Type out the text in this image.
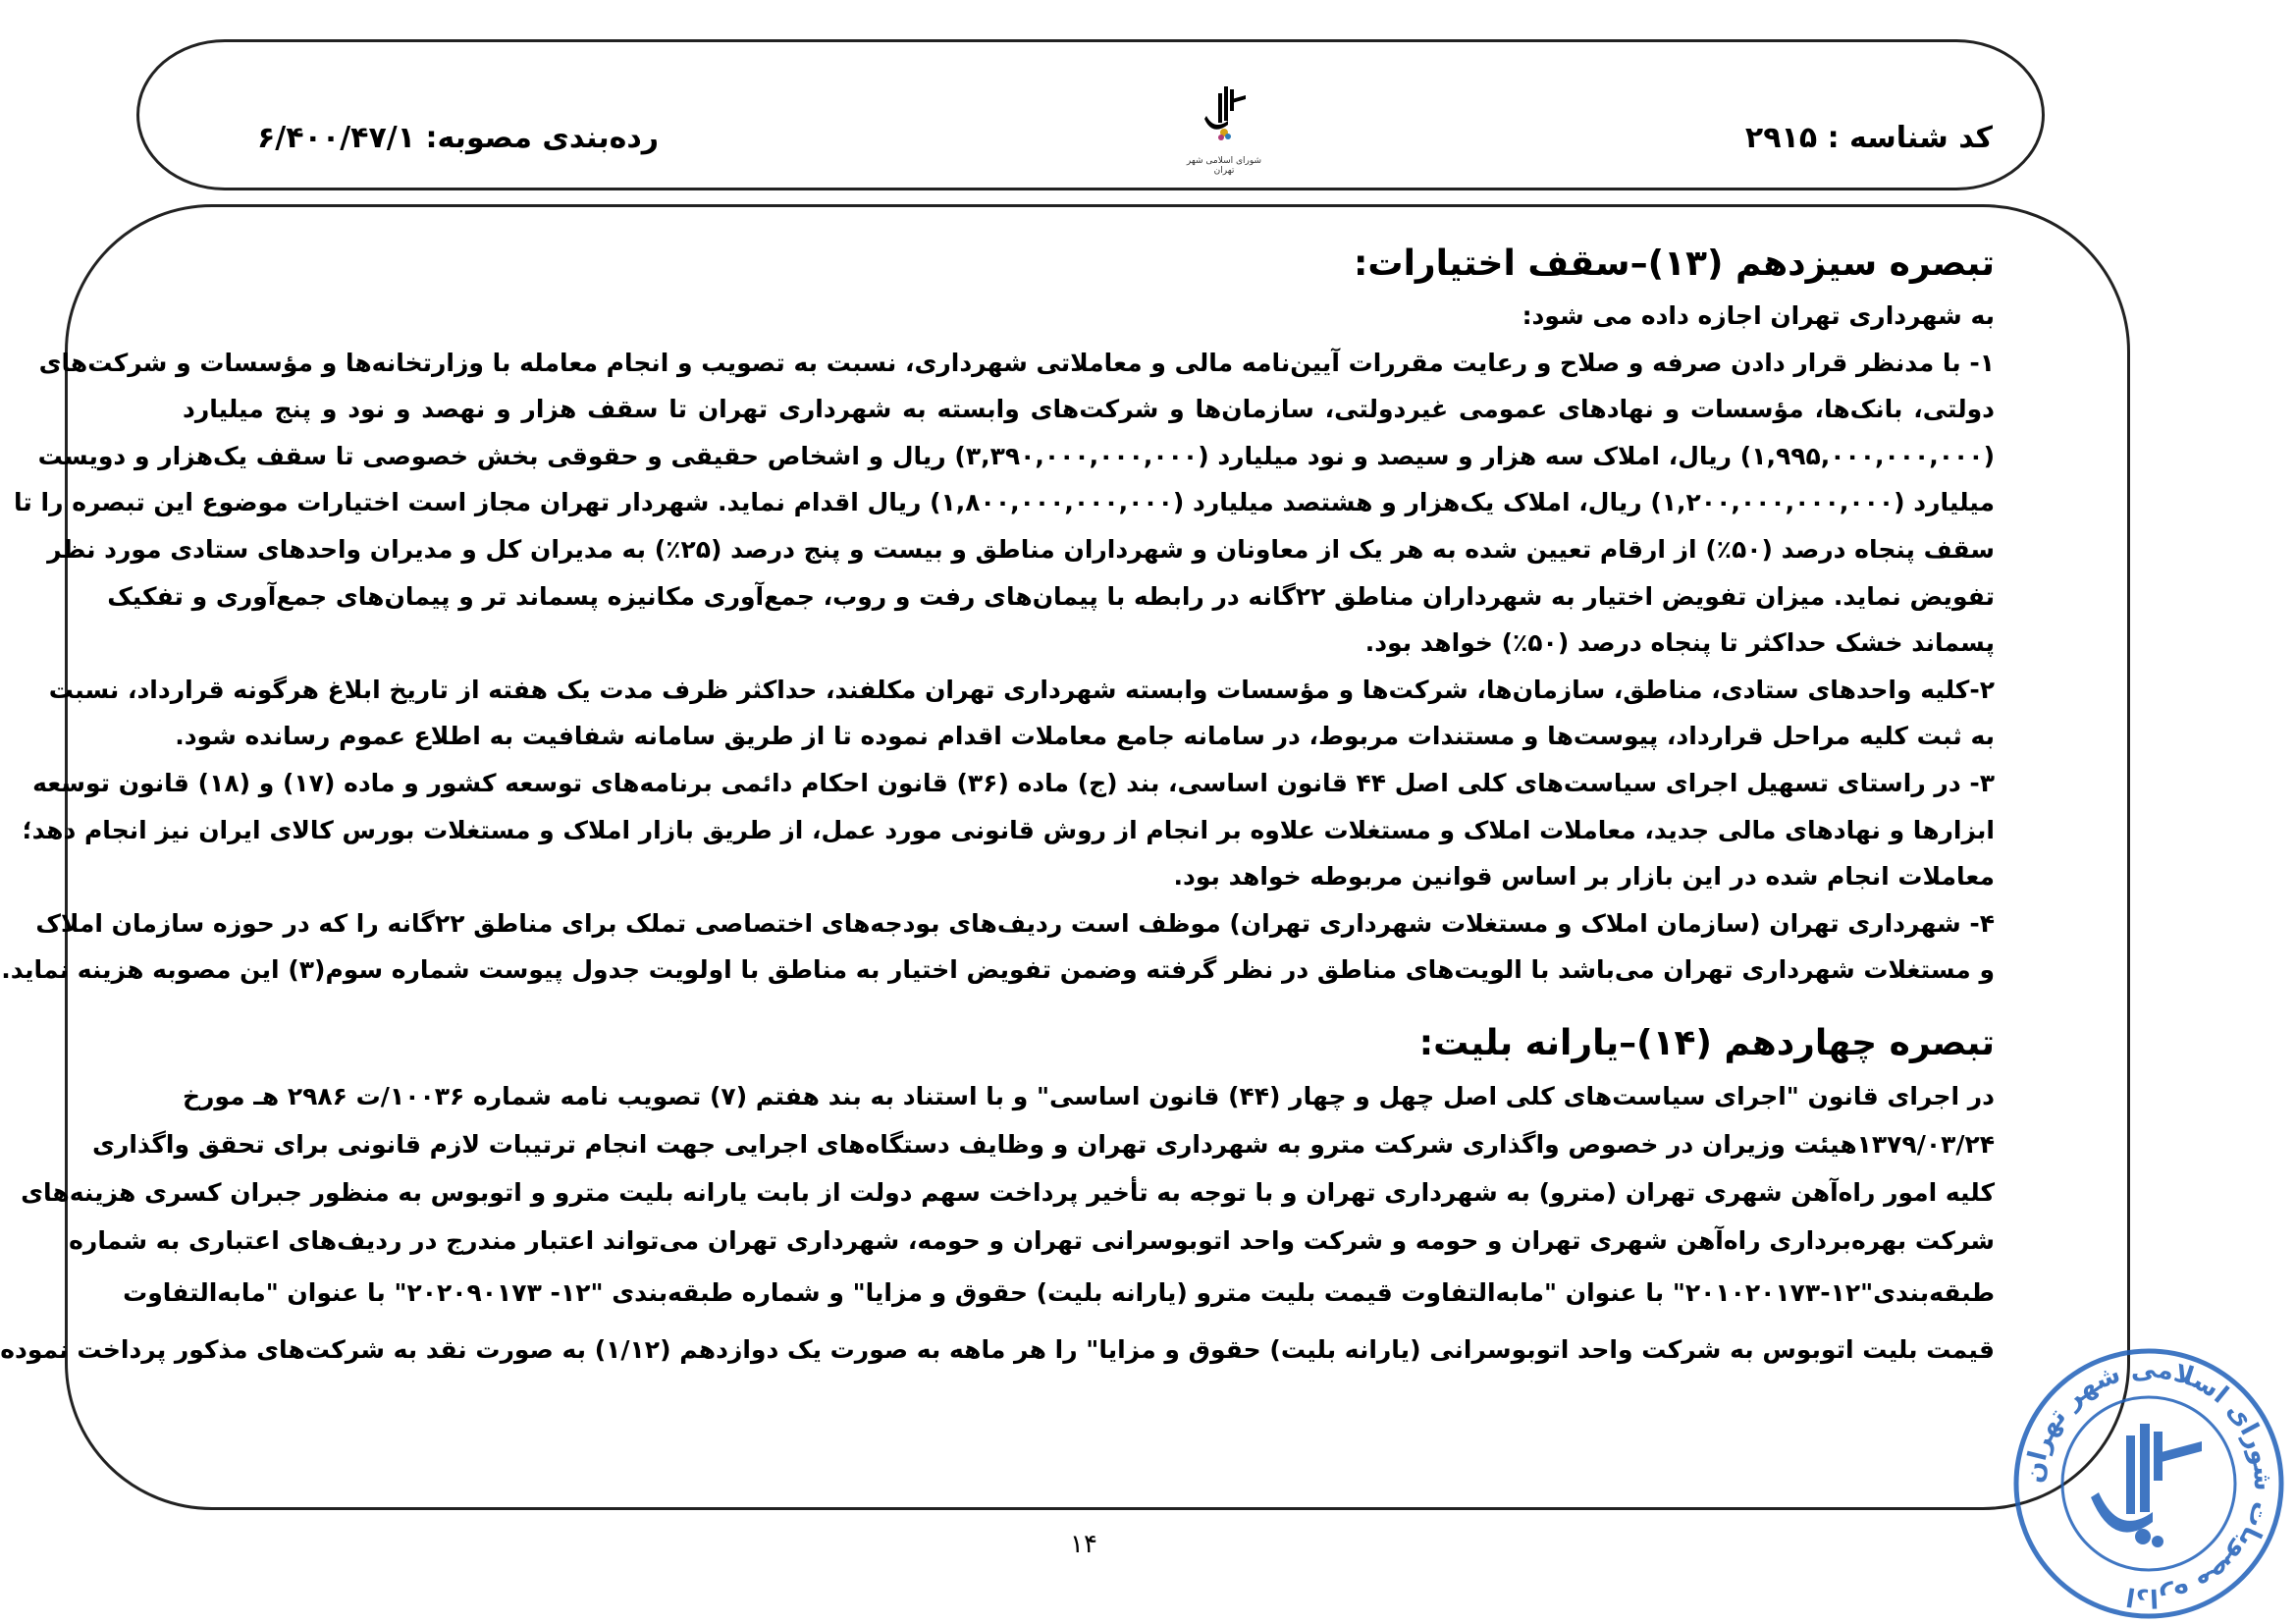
کد شناسه : ۲۹۱۵
شورای اسلامی شهر تهران
رده‌بندی مصوبه: ۶/۴۰۰/۴۷/۱
تبصره سیزدهم (۱۳)–سقف اختیارات:
به شهرداری تهران اجازه داده می شود:
۱- با مدنظر قرار دادن صرفه و صلاح و رعایت مقررات آیین‌نامه مالی و معاملاتی شهرداری، نسبت به تصویب و انجام معامله با وزارتخانه‌ها و مؤسسات و شرکت‌های
دولتی، بانک‌ها، مؤسسات و نهادهای عمومی غیردولتی، سازمان‌ها و شرکت‌های وابسته به شهرداری تهران تا سقف هزار و نهصد و نود و پنج میلیارد
(۱,۹۹۵,۰۰۰,۰۰۰,۰۰۰) ریال، املاک سه هزار و سیصد و نود میلیارد (۳,۳۹۰,۰۰۰,۰۰۰,۰۰۰) ریال و اشخاص حقیقی و حقوقی بخش خصوصی تا سقف یک‌هزار و دویست
میلیارد (۱,۲۰۰,۰۰۰,۰۰۰,۰۰۰) ریال، املاک یک‌هزار و هشتصد میلیارد (۱,۸۰۰,۰۰۰,۰۰۰,۰۰۰) ریال اقدام نماید. شهردار تهران مجاز است اختیارات موضوع این تبصره را تا
سقف پنجاه درصد (۵۰٪) از ارقام تعیین شده به هر یک از معاونان و شهرداران مناطق و بیست و پنج درصد (۲۵٪) به مدیران کل و مدیران واحدهای ستادی مورد نظر
تفویض نماید. میزان تفویض اختیار به شهرداران مناطق ۲۲گانه در رابطه با پیمان‌های رفت و روب، جمع‌آوری مکانیزه پسماند تر و پیمان‌های جمع‌آوری و تفکیک
پسماند خشک حداکثر تا پنجاه درصد (۵۰٪) خواهد بود.
۲-کلیه واحدهای ستادی، مناطق، سازمان‌ها، شرکت‌ها و مؤسسات وابسته شهرداری تهران مکلفند، حداکثر ظرف مدت یک هفته از تاریخ ابلاغ هرگونه قرارداد، نسبت
به ثبت کلیه مراحل قرارداد، پیوست‌ها و مستندات مربوط، در سامانه جامع معاملات اقدام نموده تا از طریق سامانه شفافیت به اطلاع عموم رسانده شود.
۳- در راستای تسهیل اجرای سیاست‌های کلی اصل ۴۴ قانون اساسی، بند (ج) ماده (۳۶) قانون احکام دائمی برنامه‌های توسعه کشور و ماده (۱۷) و (۱۸) قانون توسعه
ابزارها و نهادهای مالی جدید، معاملات املاک و مستغلات علاوه بر انجام از روش قانونی مورد عمل، از طریق بازار املاک و مستغلات بورس کالای ایران نیز انجام دهد؛
معاملات انجام شده در این بازار بر اساس قوانین مربوطه خواهد بود.
۴- شهرداری تهران (سازمان املاک و مستغلات شهرداری تهران) موظف است ردیف‌های بودجه‌های اختصاصی تملک برای مناطق ۲۲گانه را که در حوزه سازمان املاک
و مستغلات شهرداری تهران می‌باشد با الویت‌های مناطق در نظر گرفته وضمن تفویض اختیار به مناطق با اولویت جدول پیوست شماره سوم(۳) این مصوبه هزینه نماید.
تبصره چهاردهم (۱۴)–یارانه بلیت:
در اجرای قانون "اجرای سیاست‌های کلی اصل چهل و چهار (۴۴) قانون اساسی" و با استناد به بند هفتم (۷) تصویب نامه شماره ۱۰۰۳۶/ت ۲۹۸۶ هـ مورخ
۱۳۷۹/۰۳/۲۴هیئت وزیران در خصوص واگذاری شرکت مترو به شهرداری تهران و وظایف دستگاه‌های اجرایی جهت انجام ترتیبات لازم قانونی برای تحقق واگذاری
کلیه امور راه‌آهن شهری تهران (مترو) به شهرداری تهران و با توجه به تأخیر پرداخت سهم دولت از بابت یارانه بلیت مترو و اتوبوس به منظور جبران کسری هزینه‌های
شرکت بهره‌برداری راه‌آهن شهری تهران و حومه و شرکت واحد اتوبوسرانی تهران و حومه، شهرداری تهران می‌تواند اعتبار مندرج در ردیف‌های اعتباری به شماره
طبقه‌بندی"۱۲-۲۰۱۰۲۰۱۷۳" با عنوان "مابه‌التفاوت قیمت بلیت مترو (یارانه بلیت) حقوق و مزایا" و شماره طبقه‌بندی "۱۲- ۲۰۲۰۹۰۱۷۳" با عنوان "مابه‌التفاوت
قیمت بلیت اتوبوس به شرکت واحد اتوبوسرانی (یارانه بلیت) حقوق و مزایا" را هر ماهه به صورت یک دوازدهم (۱/۱۲) به صورت نقد به شرکت‌های مذکور پرداخت نموده
۱۴
اداره مصوبات شورای اسلامی شهر تهران
